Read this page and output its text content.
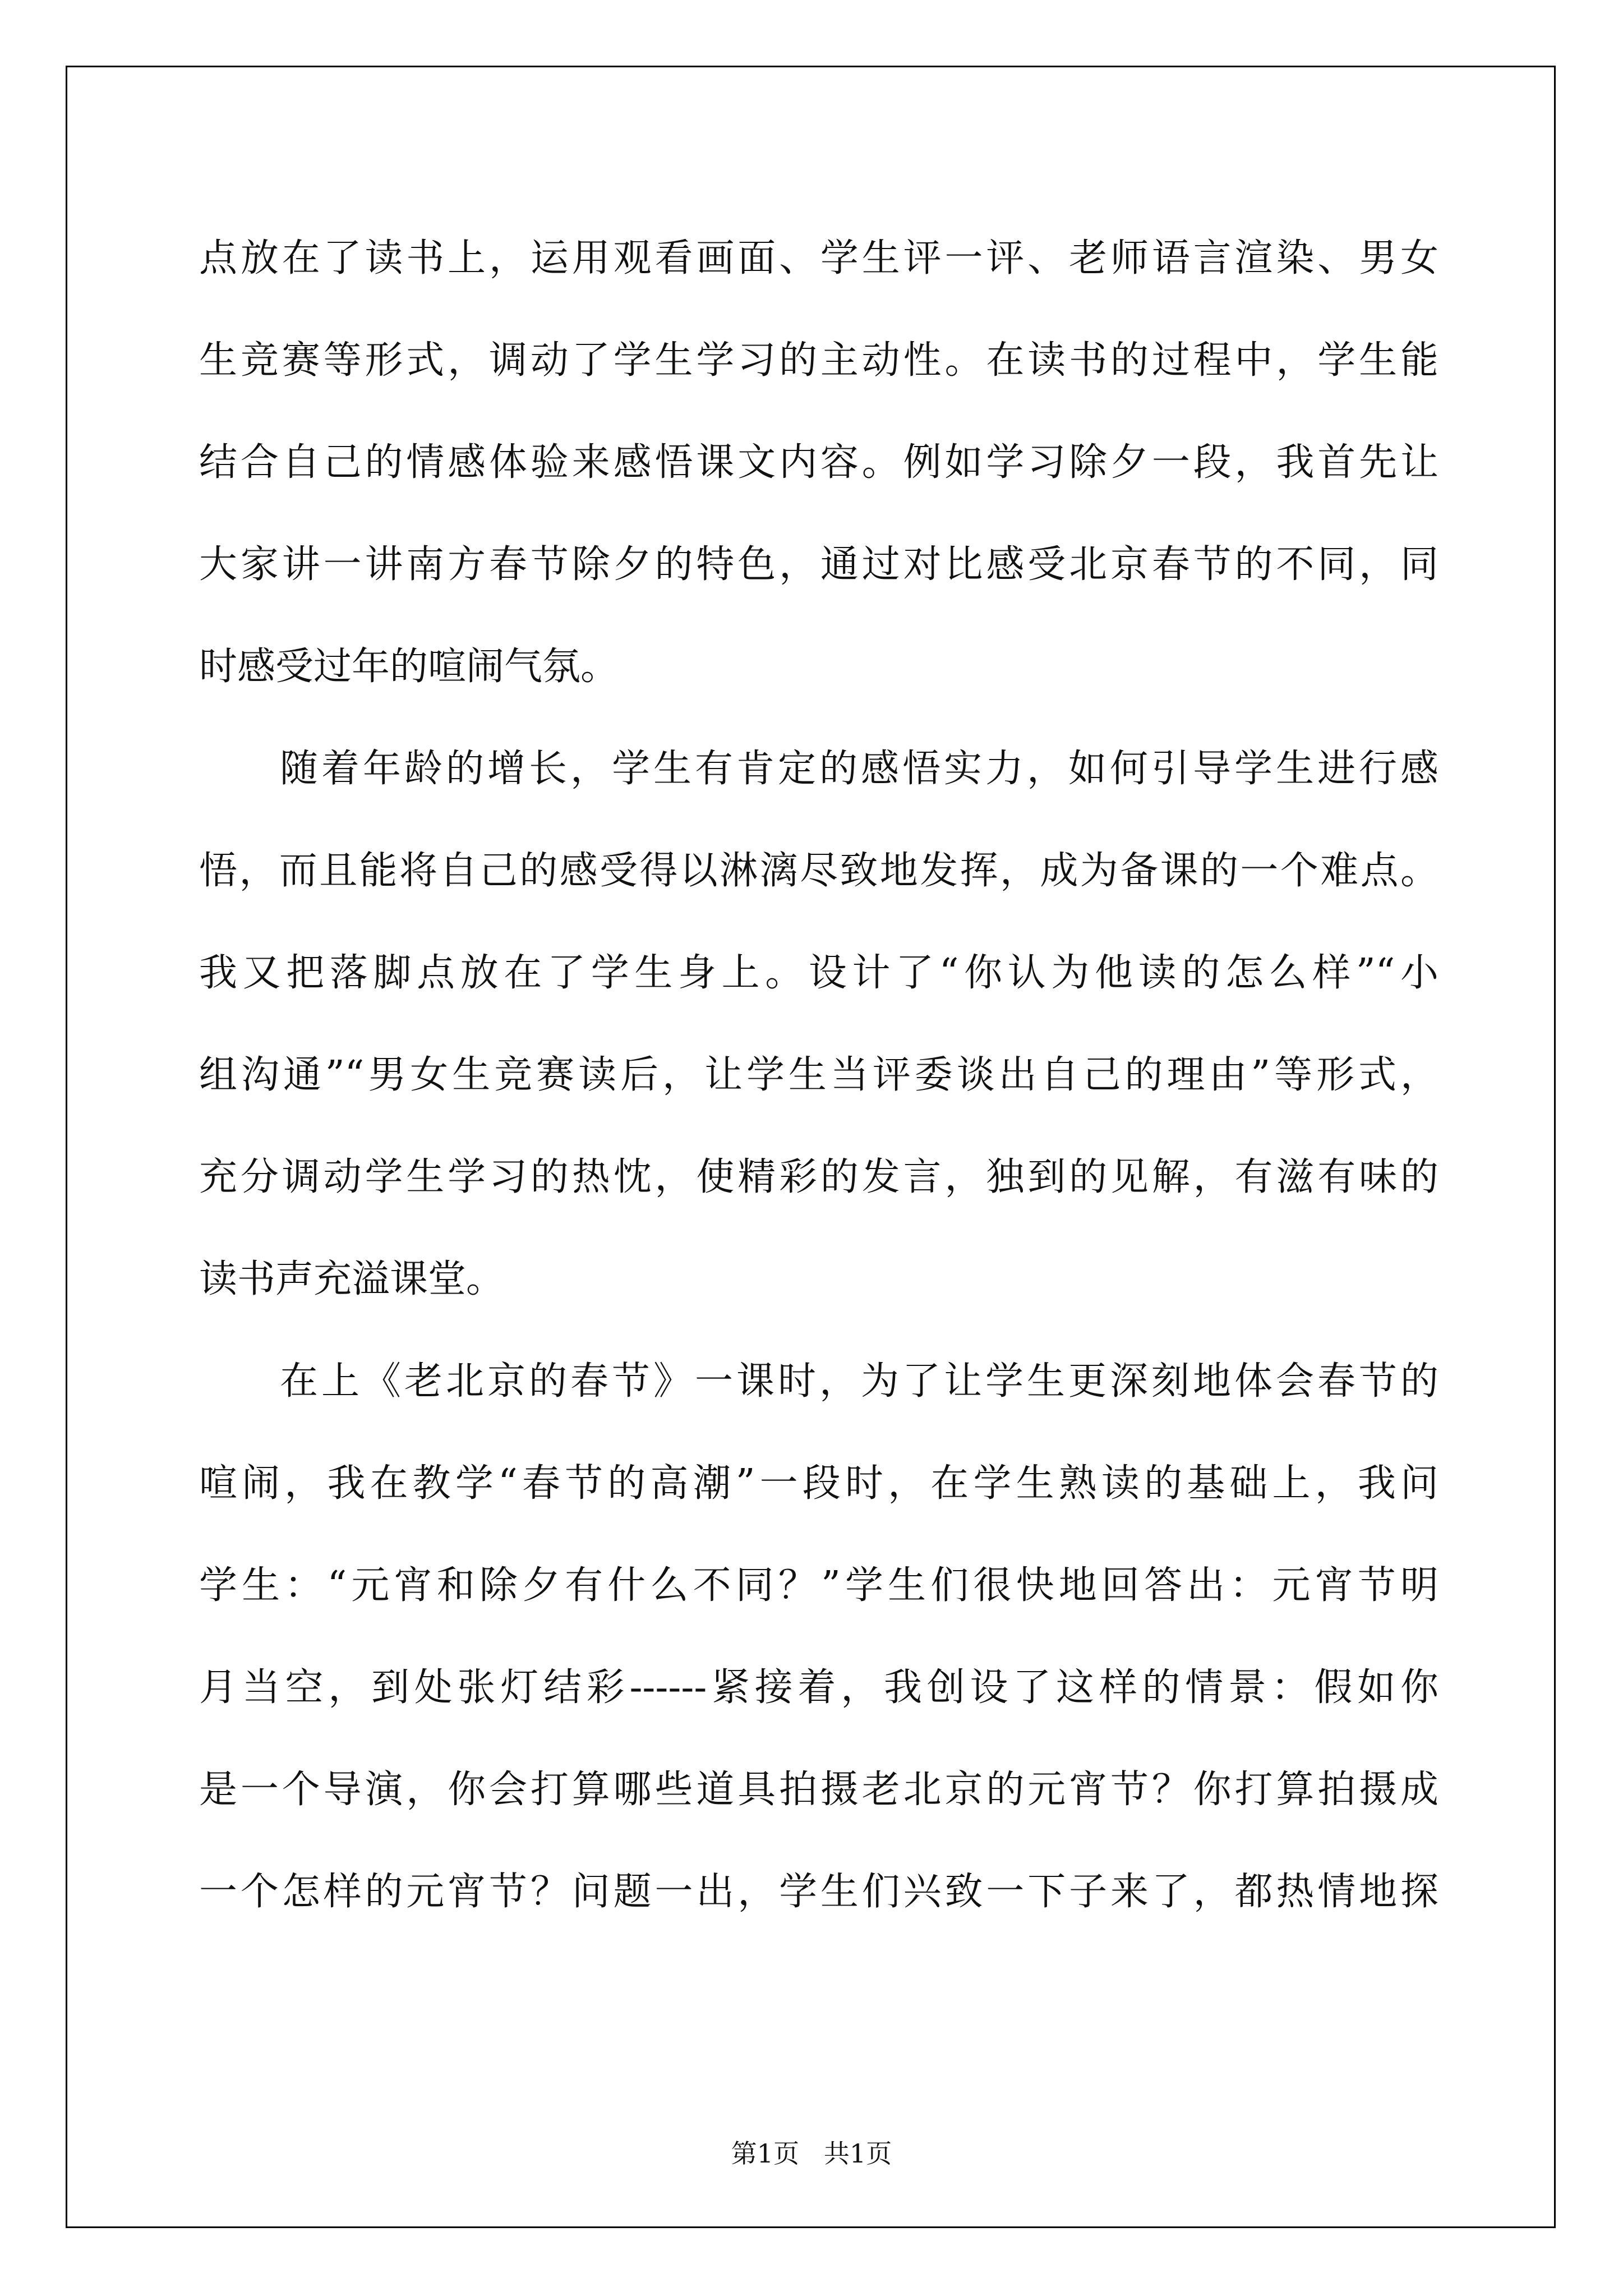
点放在了读书上，运用观看画面、学生评一评、老师语言渲染、男女
生竞赛等形式，调动了学生学习的主动性。在读书的过程中，学生能
结合自己的情感体验来感悟课文内容。例如学习除夕一段，我首先让
大家讲一讲南方春节除夕的特色，通过对比感受北京春节的不同，同
时感受过年的喧闹气氛。
随着年龄的增长，学生有肯定的感悟实力，如何引导学生进行感
悟，而且能将自己的感受得以淋漓尽致地发挥，成为备课的一个难点。
我又把落脚点放在了学生身上。设计了“你认为他读的怎么样”“小
组沟通”“男女生竞赛读后，让学生当评委谈出自己的理由”等形式，
充分调动学生学习的热忱，使精彩的发言，独到的见解，有滋有味的
读书声充溢课堂。
在上《老北京的春节》一课时，为了让学生更深刻地体会春节的
喧闹，我在教学“春节的高潮”一段时，在学生熟读的基础上，我问
学生：“元宵和除夕有什么不同？”学生们很快地回答出：元宵节明
月当空，到处张灯结彩------紧接着，我创设了这样的情景：假如你
是一个导演，你会打算哪些道具拍摄老北京的元宵节？你打算拍摄成
一个怎样的元宵节？问题一出，学生们兴致一下子来了，都热情地探
第1页   共1页
